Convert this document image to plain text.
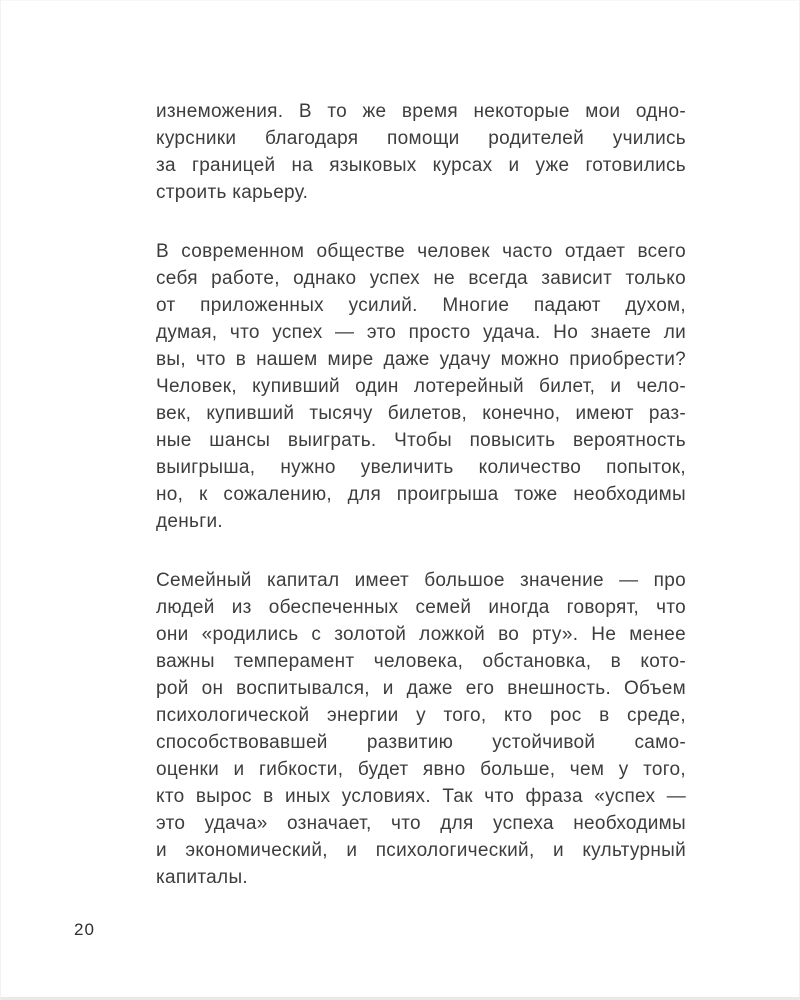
изнеможения. В то же время некоторые мои одно-
курсники благодаря помощи родителей учились
за границей на языковых курсах и уже готовились
строить карьеру.
В современном обществе человек часто отдает всего
себя работе, однако успех не всегда зависит только
от приложенных усилий. Многие падают духом,
думая, что успех — это просто удача. Но знаете ли
вы, что в нашем мире даже удачу можно приобрести?
Человек, купивший один лотерейный билет, и чело-
век, купивший тысячу билетов, конечно, имеют раз-
ные шансы выиграть. Чтобы повысить вероятность
выигрыша, нужно увеличить количество попыток,
но, к сожалению, для проигрыша тоже необходимы
деньги.
Семейный капитал имеет большое значение — про
людей из обеспеченных семей иногда говорят, что
они «родились с золотой ложкой во рту». Не менее
важны темперамент человека, обстановка, в кото-
рой он воспитывался, и даже его внешность. Объем
психологической энергии у того, кто рос в среде,
способствовавшей развитию устойчивой само-
оценки и гибкости, будет явно больше, чем у того,
кто вырос в иных условиях. Так что фраза «успех —
это удача» означает, что для успеха необходимы
и экономический, и психологический, и культурный
капиталы.
20
